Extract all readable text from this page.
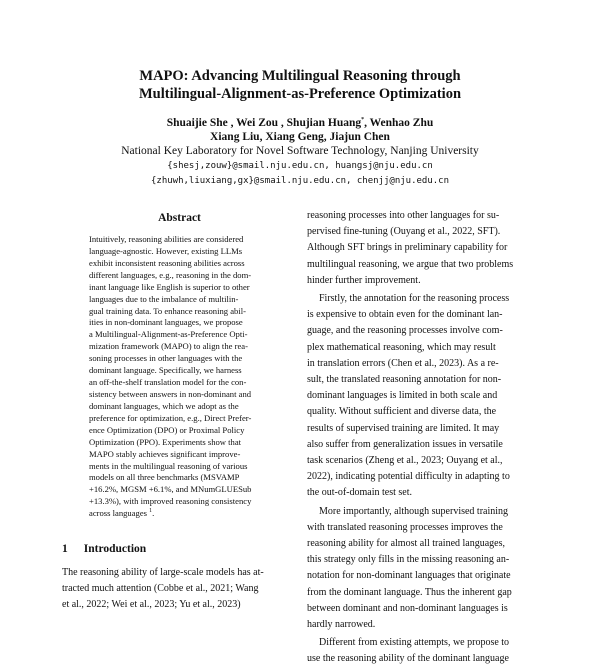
MAPO: Advancing Multilingual Reasoning through
Multilingual-Alignment-as-Preference Optimization
Shuaijie She , Wei Zou , Shujian Huang*, Wenhao Zhu
Xiang Liu, Xiang Geng, Jiajun Chen
National Key Laboratory for Novel Software Technology, Nanjing University
{shesj,zouw}@smail.nju.edu.cn, huangsj@nju.edu.cn
{zhuwh,liuxiang,gx}@smail.nju.edu.cn, chenjj@nju.edu.cn
Abstract
Intuitively, reasoning abilities are considered
language-agnostic. However, existing LLMs
exhibit inconsistent reasoning abilities across
different languages, e.g., reasoning in the dom-
inant language like English is superior to other
languages due to the imbalance of multilin-
gual training data. To enhance reasoning abil-
ities in non-dominant languages, we propose
a Multilingual-Alignment-as-Preference Opti-
mization framework (MAPO) to align the rea-
soning processes in other languages with the
dominant language. Specifically, we harness
an off-the-shelf translation model for the con-
sistency between answers in non-dominant and
dominant languages, which we adopt as the
preference for optimization, e.g., Direct Prefer-
ence Optimization (DPO) or Proximal Policy
Optimization (PPO). Experiments show that
MAPO stably achieves significant improve-
ments in the multilingual reasoning of various
models on all three benchmarks (MSVAMP
+16.2%, MGSM +6.1%, and MNumGLUESub
+13.3%), with improved reasoning consistency
across languages $^1$.
1 Introduction
The reasoning ability of large-scale models has at-
tracted much attention (Cobbe et al., 2021; Wang
et al., 2022; Wei et al., 2023; Yu et al., 2023)
reasoning processes into other languages for su-
pervised fine-tuning (Ouyang et al., 2022, SFT).
Although SFT brings in preliminary capability for
multilingual reasoning, we argue that two problems
hinder further improvement.
Firstly, the annotation for the reasoning process
is expensive to obtain even for the dominant lan-
guage, and the reasoning processes involve com-
plex mathematical reasoning, which may result
in translation errors (Chen et al., 2023). As a re-
sult, the translated reasoning annotation for non-
dominant languages is limited in both scale and
quality. Without sufficient and diverse data, the
results of supervised training are limited. It may
also suffer from generalization issues in versatile
task scenarios (Zheng et al., 2023; Ouyang et al.,
2022), indicating potential difficulty in adapting to
the out-of-domain test set.
More importantly, although supervised training
with translated reasoning processes improves the
reasoning ability for almost all trained languages,
this strategy only fills in the missing reasoning an-
notation for non-dominant languages that originate
from the dominant language. Thus the inherent gap
between dominant and non-dominant languages is
hardly narrowed.
Different from existing attempts, we propose to
use the reasoning ability of the dominant language
